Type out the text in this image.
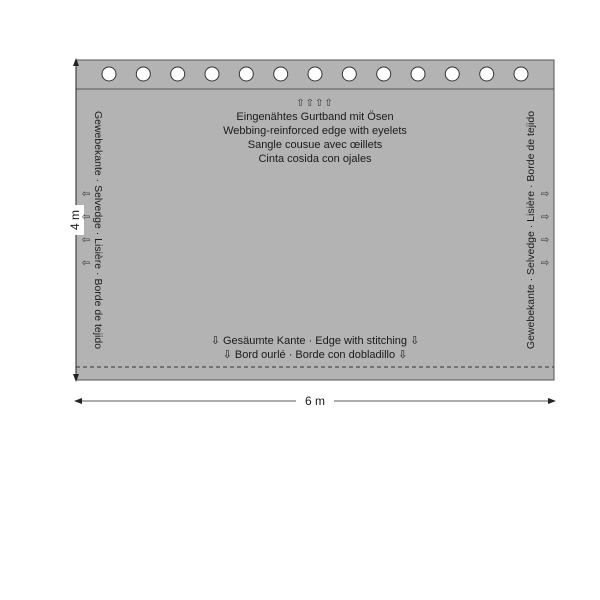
4 m
6 m
⇧⇧⇧⇧
Eingenähtes Gurtband mit Ösen
Webbing-reinforced edge with eyelets
Sangle cousue avec œillets
Cinta cosida con ojales
⇩ Gesäumte Kante · Edge with stitching ⇩
⇩ Bord ourlé · Borde con dobladillo ⇩
Gewebekante · Selvedge · Lisière · Borde de tejido
⇦
⇦
⇦
⇦	Gewebekante · Selvedge · Lisière · Borde de tejido ⇨
⇨
⇨
⇨
